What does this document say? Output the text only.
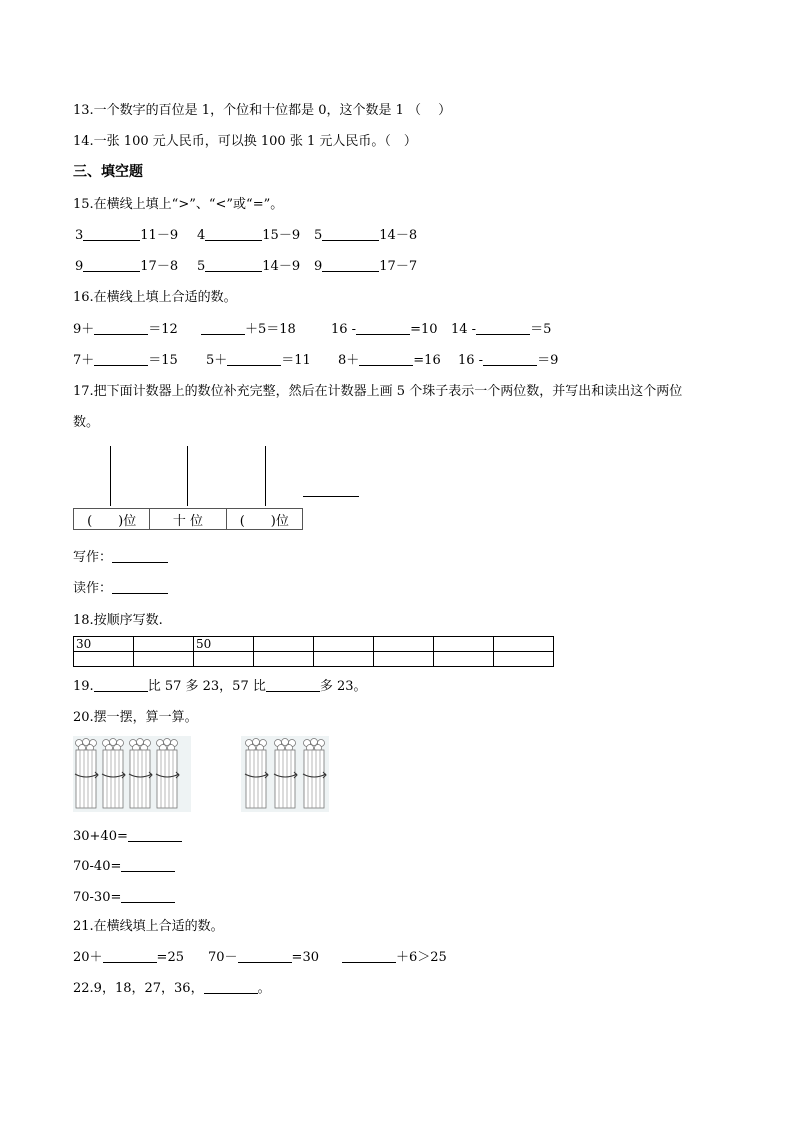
13.一个数字的百位是 1，个位和十位都是 0，这个数是 1 （　 ）
14.一张 100 元人民币，可以换 100 张 1 元人民币。（　）
三、填空题
15.在横线上填上“>”、“<”或“=”。
3	11－9 4	15－9 5	14－8
9	17－8 5	14－9 9	17－7
16.在横线上填上合适的数。
9＋	＝12	＋5＝18	16 -	=10 14 -	＝5
7＋	＝15 5＋	＝11 8＋	=16 16 -	＝9
17.把下面计数器上的数位补充完整，然后在计数器上画 5 个珠子表示一个两位数，并写出和读出这个两位
数。
(　　)位	十 位	(　　)位
写作：
读作：
18.按顺序写数.
30		50					

19.	比 57 多 23，57 比	多 23。
20.摆一摆，算一算。
30+40=
70-40=
70-30=
21.在横线填上合适的数。
20＋	=25 70－	=30	＋6＞25
22.9，18，27，36，	。
